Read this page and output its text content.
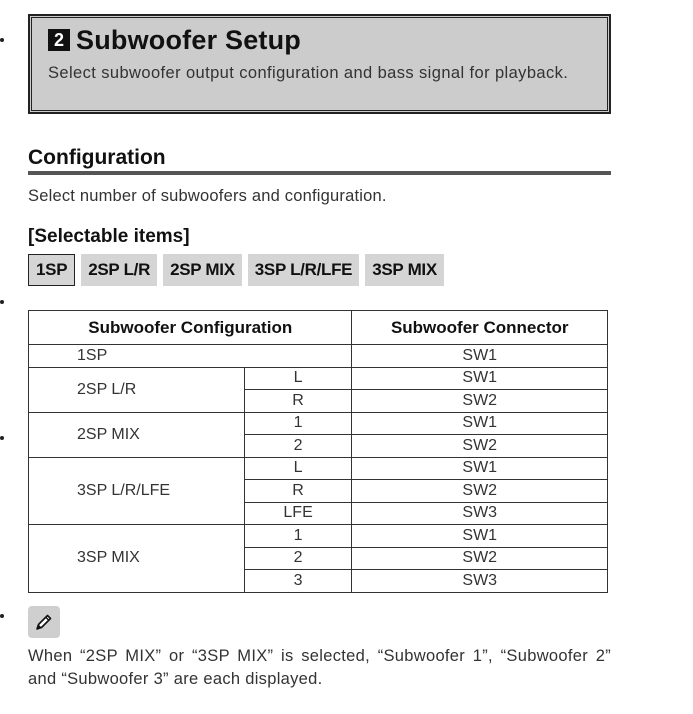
2 Subwoofer Setup
Select subwoofer output configuration and bass signal for playback.
Configuration
Select number of subwoofers and configuration.
[Selectable items]
1SP	2SP L/R	2SP MIX	3SP L/R/LFE	3SP MIX
Subwoofer Configuration		Subwoofer Connector
1SP		SW1
2SP L/R	L	SW1
	R	SW2
2SP MIX	1	SW1
	2	SW2
3SP L/R/LFE	L	SW1
	R	SW2
	LFE	SW3
3SP MIX	1	SW1
	2	SW2
	3	SW3
When “2SP MIX” or “3SP MIX” is selected, “Subwoofer 1”, “Subwoofer 2” and “Subwoofer 3” are each displayed.
